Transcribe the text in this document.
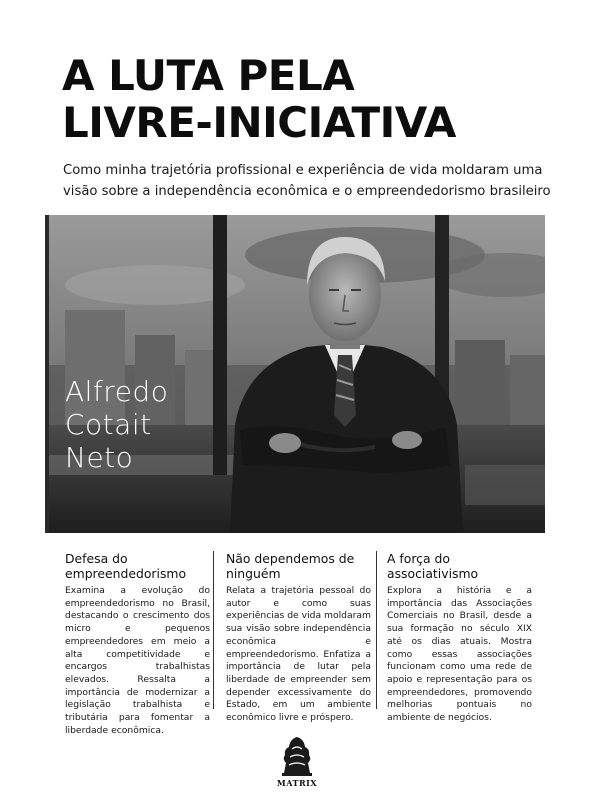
A LUTA PELA
LIVRE-INICIATIVA
Como minha trajetória profissional e experiência de vida moldaram uma visão sobre a independência econômica e o empreendedorismo brasileiro
Alfredo
Cotait
Neto
Defesa do empreendedorismo
Examina a evolução do empreendedorismo no Brasil, destacando o crescimento dos micro e pequenos empreendedores em meio a alta competitividade e encargos trabalhistas elevados. Ressalta a importância de modernizar a legislação trabalhista e tributária para fomentar a liberdade econômica.
Não dependemos de ninguém
Relata a trajetória pessoal do autor e como suas experiências de vida moldaram sua visão sobre independência econômica e empreendedorismo. Enfatiza a importância de lutar pela liberdade de empreender sem depender excessivamente do Estado, em um ambiente econômico livre e próspero.
A força do associativismo
Explora a história e a importância das Associações Comerciais no Brasil, desde a sua formação no século XIX até os dias atuais. Mostra como essas associações funcionam como uma rede de apoio e representação para os empreendedores, promovendo melhorias pontuais no ambiente de negócios.
MATRIX
